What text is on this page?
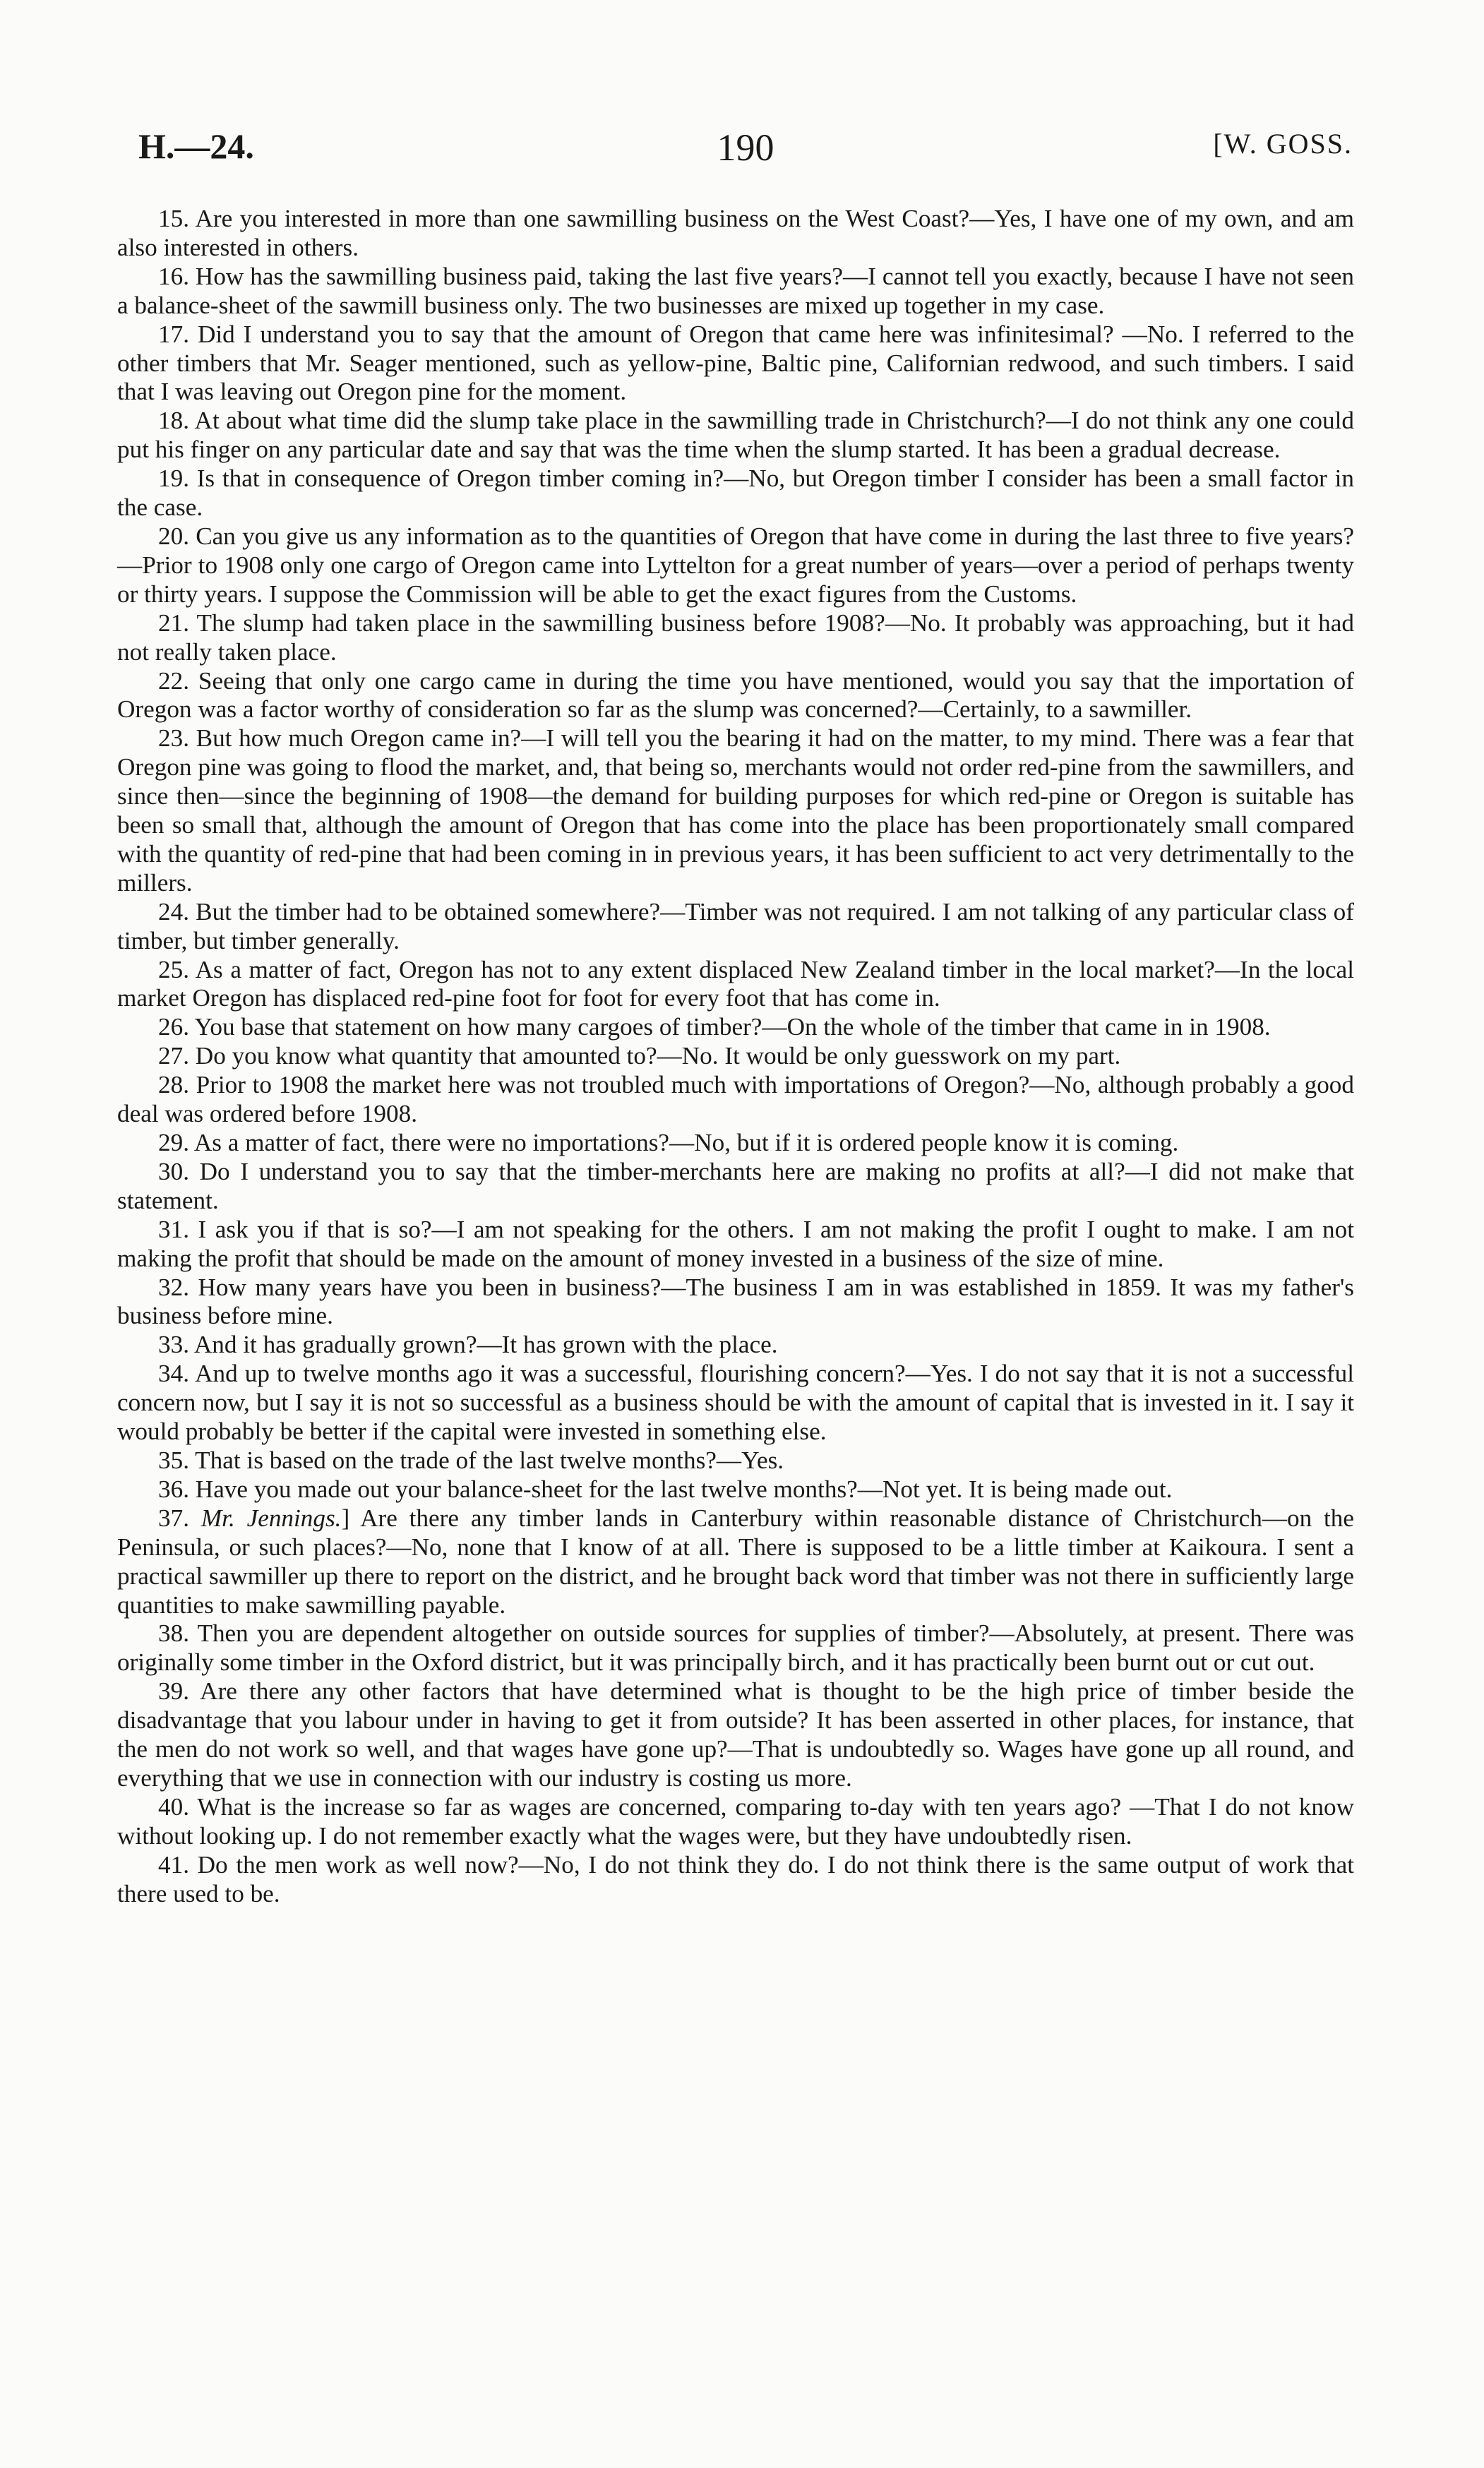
H.—24.	190	[W. GOSS.

15. Are you interested in more than one sawmilling business on the West Coast?—Yes, I have one of my own, and am also interested in others.

16. How has the sawmilling business paid, taking the last five years?—I cannot tell you exactly, because I have not seen a balance-sheet of the sawmill business only. The two businesses are mixed up together in my case.

17. Did I understand you to say that the amount of Oregon that came here was infinitesimal? —No. I referred to the other timbers that Mr. Seager mentioned, such as yellow-pine, Baltic pine, Californian redwood, and such timbers. I said that I was leaving out Oregon pine for the moment.

18. At about what time did the slump take place in the sawmilling trade in Christchurch?—I do not think any one could put his finger on any particular date and say that was the time when the slump started. It has been a gradual decrease.

19. Is that in consequence of Oregon timber coming in?—No, but Oregon timber I consider has been a small factor in the case.

20. Can you give us any information as to the quantities of Oregon that have come in during the last three to five years?—Prior to 1908 only one cargo of Oregon came into Lyttelton for a great number of years—over a period of perhaps twenty or thirty years. I suppose the Commission will be able to get the exact figures from the Customs.

21. The slump had taken place in the sawmilling business before 1908?—No. It probably was approaching, but it had not really taken place.

22. Seeing that only one cargo came in during the time you have mentioned, would you say that the importation of Oregon was a factor worthy of consideration so far as the slump was concerned?—Certainly, to a sawmiller.

23. But how much Oregon came in?—I will tell you the bearing it had on the matter, to my mind. There was a fear that Oregon pine was going to flood the market, and, that being so, merchants would not order red-pine from the sawmillers, and since then—since the beginning of 1908—the demand for building purposes for which red-pine or Oregon is suitable has been so small that, although the amount of Oregon that has come into the place has been proportionately small compared with the quantity of red-pine that had been coming in in previous years, it has been sufficient to act very detrimentally to the millers.

24. But the timber had to be obtained somewhere?—Timber was not required. I am not talking of any particular class of timber, but timber generally.

25. As a matter of fact, Oregon has not to any extent displaced New Zealand timber in the local market?—In the local market Oregon has displaced red-pine foot for foot for every foot that has come in.

26. You base that statement on how many cargoes of timber?—On the whole of the timber that came in in 1908.

27. Do you know what quantity that amounted to?—No. It would be only guesswork on my part.

28. Prior to 1908 the market here was not troubled much with importations of Oregon?—No, although probably a good deal was ordered before 1908.

29. As a matter of fact, there were no importations?—No, but if it is ordered people know it is coming.

30. Do I understand you to say that the timber-merchants here are making no profits at all?—I did not make that statement.

31. I ask you if that is so?—I am not speaking for the others. I am not making the profit I ought to make. I am not making the profit that should be made on the amount of money invested in a business of the size of mine.

32. How many years have you been in business?—The business I am in was established in 1859. It was my father's business before mine.

33. And it has gradually grown?—It has grown with the place.

34. And up to twelve months ago it was a successful, flourishing concern?—Yes. I do not say that it is not a successful concern now, but I say it is not so successful as a business should be with the amount of capital that is invested in it. I say it would probably be better if the capital were invested in something else.

35. That is based on the trade of the last twelve months?—Yes.

36. Have you made out your balance-sheet for the last twelve months?—Not yet. It is being made out.

37. Mr. Jennings.] Are there any timber lands in Canterbury within reasonable distance of Christchurch—on the Peninsula, or such places?—No, none that I know of at all. There is supposed to be a little timber at Kaikoura. I sent a practical sawmiller up there to report on the district, and he brought back word that timber was not there in sufficiently large quantities to make sawmilling payable.

38. Then you are dependent altogether on outside sources for supplies of timber?—Absolutely, at present. There was originally some timber in the Oxford district, but it was principally birch, and it has practically been burnt out or cut out.

39. Are there any other factors that have determined what is thought to be the high price of timber beside the disadvantage that you labour under in having to get it from outside? It has been asserted in other places, for instance, that the men do not work so well, and that wages have gone up?—That is undoubtedly so. Wages have gone up all round, and everything that we use in connection with our industry is costing us more.

40. What is the increase so far as wages are concerned, comparing to-day with ten years ago? —That I do not know without looking up. I do not remember exactly what the wages were, but they have undoubtedly risen.

41. Do the men work as well now?—No, I do not think they do. I do not think there is the same output of work that there used to be.
